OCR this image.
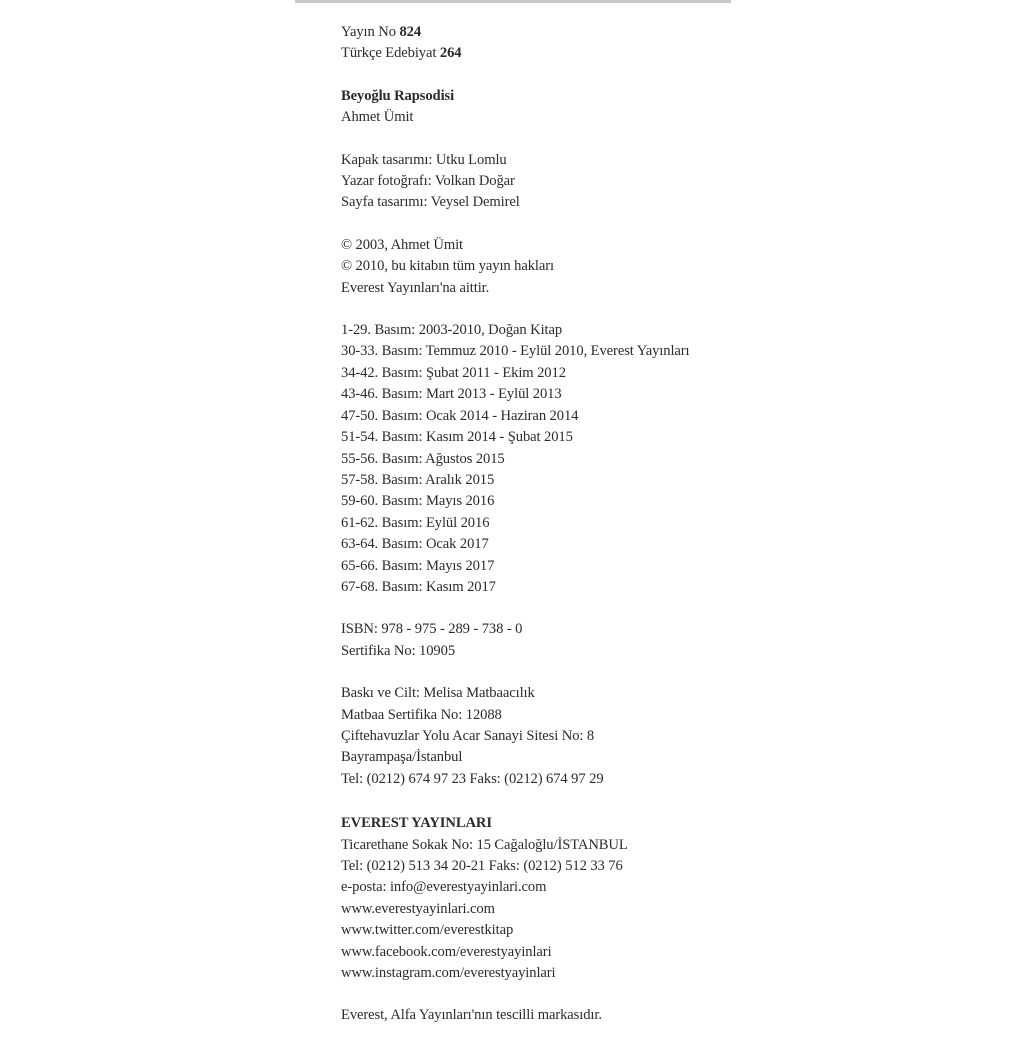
Yayın No 824
Türkçe Edebiyat 264
Beyoğlu Rapsodisi
Ahmet Ümit
Kapak tasarımı: Utku Lomlu
Yazar fotoğrafı: Volkan Doğar
Sayfa tasarımı: Veysel Demirel
© 2003, Ahmet Ümit
© 2010, bu kitabın tüm yayın hakları
Everest Yayınları'na aittir.
1-29. Basım: 2003-2010, Doğan Kitap
30-33. Basım: Temmuz 2010 - Eylül 2010, Everest Yayınları
34-42. Basım: Şubat 2011 - Ekim 2012
43-46. Basım: Mart 2013 - Eylül 2013
47-50. Basım: Ocak 2014 - Haziran 2014
51-54. Basım: Kasım 2014 - Şubat 2015
55-56. Basım: Ağustos 2015
57-58. Basım: Aralık 2015
59-60. Basım: Mayıs 2016
61-62. Basım: Eylül 2016
63-64. Basım: Ocak 2017
65-66. Basım: Mayıs 2017
67-68. Basım: Kasım 2017
ISBN: 978 - 975 - 289 - 738 - 0
Sertifika No: 10905
Baskı ve Cilt: Melisa Matbaacılık
Matbaa Sertifika No: 12088
Çiftehavuzlar Yolu Acar Sanayi Sitesi No: 8
Bayrampaşa/İstanbul
Tel: (0212) 674 97 23 Faks: (0212) 674 97 29
EVEREST YAYINLARI
Ticarethane Sokak No: 15 Cağaloğlu/İSTANBUL
Tel: (0212) 513 34 20-21 Faks: (0212) 512 33 76
e-posta: info@everestyayinlari.com
www.everestyayinlari.com
www.twitter.com/everestkitap
www.facebook.com/everestyayinlari
www.instagram.com/everestyayinlari
Everest, Alfa Yayınları'nın tescilli markasıdır.
